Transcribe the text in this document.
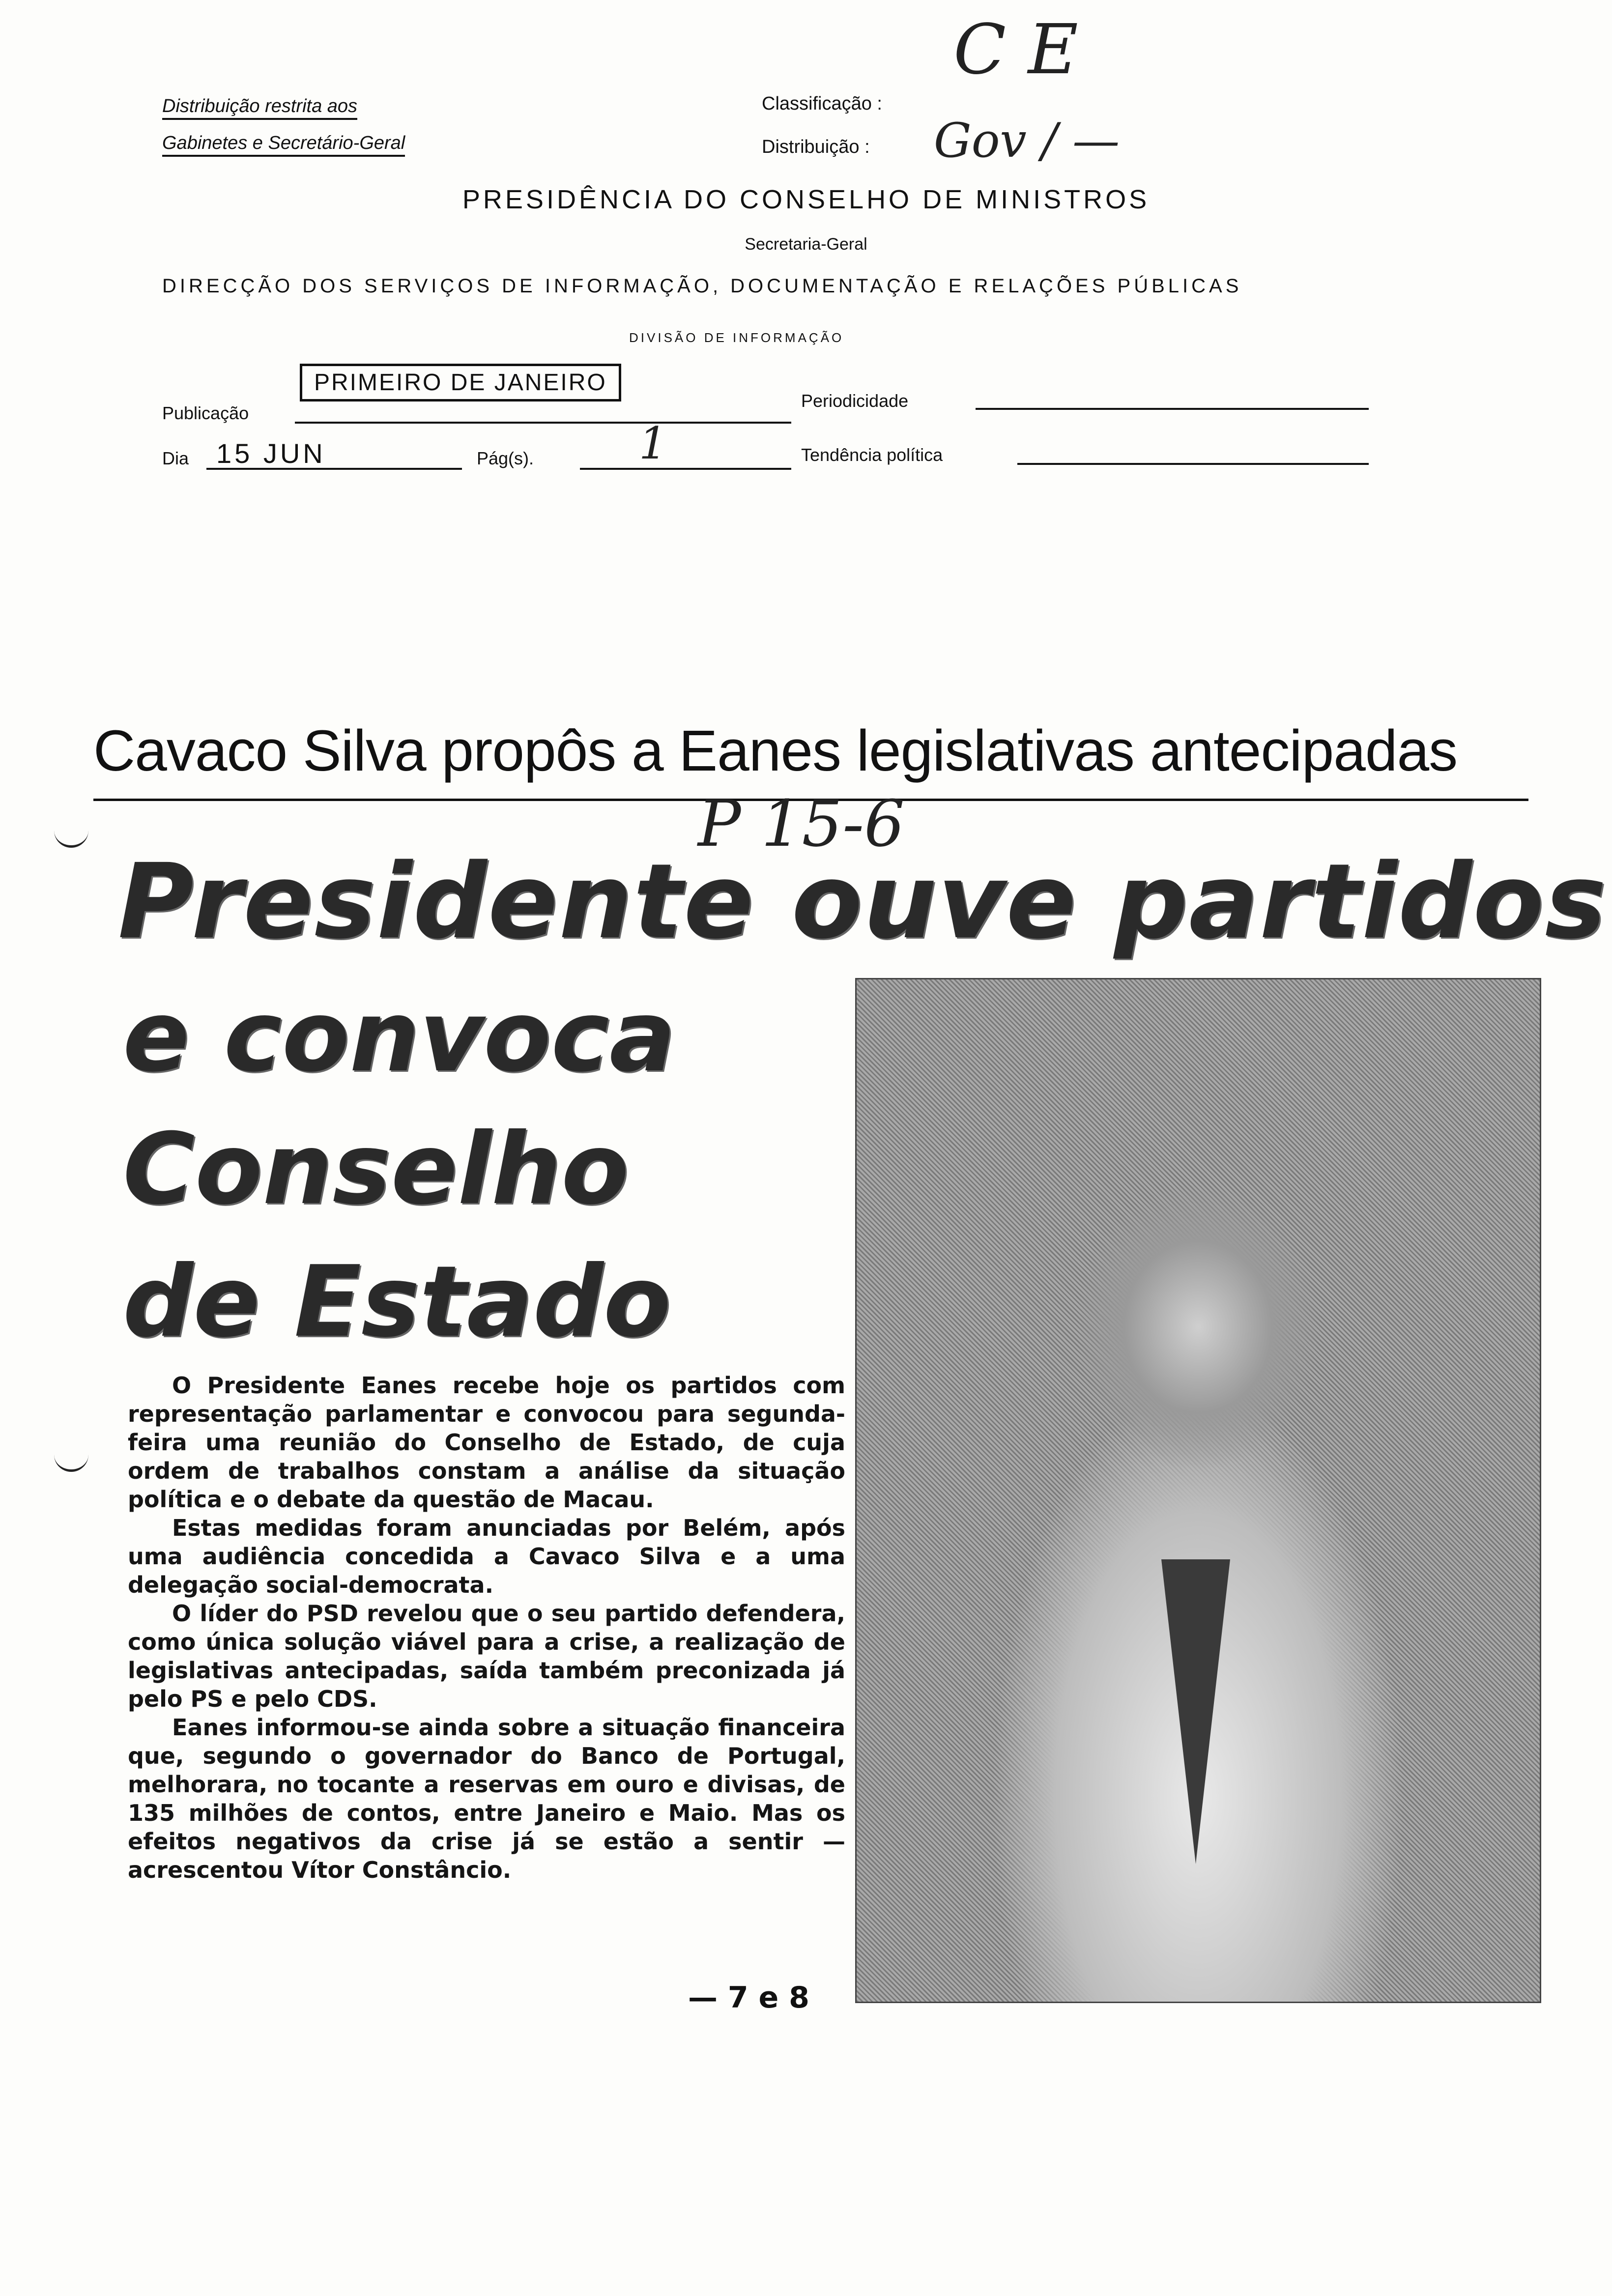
Distribuição restrita aos
Gabinetes e Secretário-Geral
Classificação :
Distribuição :
C E
Gov / —
PRESIDÊNCIA DO CONSELHO DE MINISTROS
Secretaria-Geral
DIRECÇÃO DOS SERVIÇOS DE INFORMAÇÃO, DOCUMENTAÇÃO E RELAÇÕES PÚBLICAS
DIVISÃO DE INFORMAÇÃO
Publicação
PRIMEIRO DE JANEIRO
Periodicidade
Dia 15 JUN	Pág(s). 1	Tendência política
Cavaco Silva propôs a Eanes legislativas antecipadas
P 15-6
Presidente ouve partidos
e convoca
Conselho
de Estado

O Presidente Eanes recebe hoje os partidos com representação parlamentar e convocou para segunda-feira uma reunião do Conselho de Estado, de cuja ordem de trabalhos constam a análise da situação política e o debate da questão de Macau.

Estas medidas foram anunciadas por Belém, após uma audiência concedida a Cavaco Silva e a uma delegação social-democrata.

O líder do PSD revelou que o seu partido defendera, como única solução viável para a crise, a realização de legislativas antecipadas, saída também preconizada já pelo PS e pelo CDS.

Eanes informou-se ainda sobre a situação financeira que, segundo o governador do Banco de Portugal, melhorara, no tocante a reservas em ouro e divisas, de 135 milhões de contos, entre Janeiro e Maio. Mas os efeitos negativos da crise já se estão a sentir — acrescentou Vítor Constâncio.

— 7 e 8
